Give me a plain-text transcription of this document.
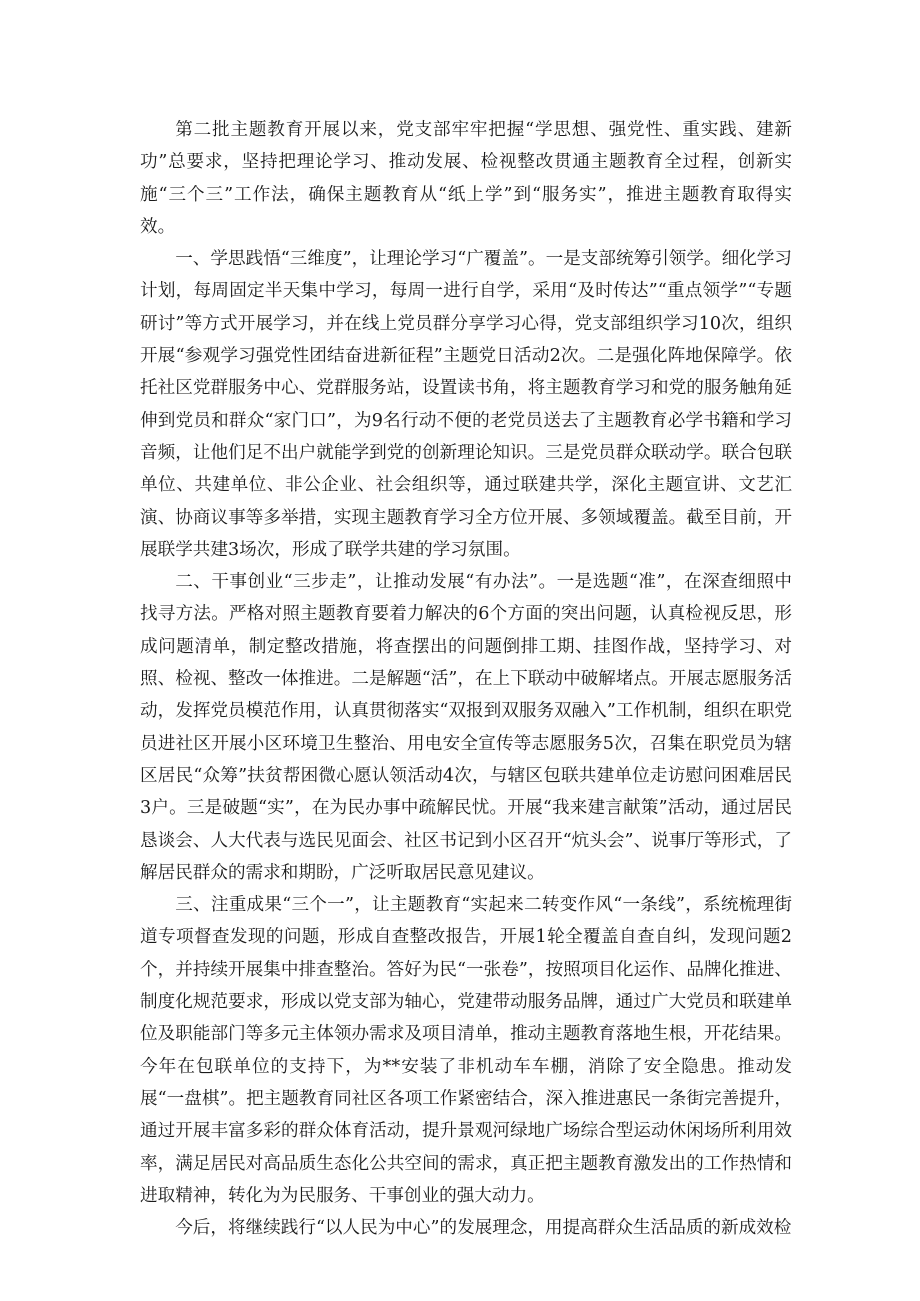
第二批主题教育开展以来，党支部牢牢把握“学思想、强党性、重实践、建新功”总要求，坚持把理论学习、推动发展、检视整改贯通主题教育全过程，创新实施“三个三”工作法，确保主题教育从“纸上学”到“服务实”，推进主题教育取得实效。

一、学思践悟“三维度”，让理论学习“广覆盖”。一是支部统筹引领学。细化学习计划，每周固定半天集中学习，每周一进行自学，采用“及时传达”“重点领学”“专题研讨”等方式开展学习，并在线上党员群分享学习心得，党支部组织学习10次，组织开展“参观学习强党性团结奋进新征程”主题党日活动2次。二是强化阵地保障学。依托社区党群服务中心、党群服务站，设置读书角，将主题教育学习和党的服务触角延伸到党员和群众“家门口”，为9名行动不便的老党员送去了主题教育必学书籍和学习音频，让他们足不出户就能学到党的创新理论知识。三是党员群众联动学。联合包联单位、共建单位、非公企业、社会组织等，通过联建共学，深化主题宣讲、文艺汇演、协商议事等多举措，实现主题教育学习全方位开展、多领域覆盖。截至目前，开展联学共建3场次，形成了联学共建的学习氛围。

二、干事创业“三步走”，让推动发展“有办法”。一是选题“准”，在深查细照中找寻方法。严格对照主题教育要着力解决的6个方面的突出问题，认真检视反思，形成问题清单，制定整改措施，将查摆出的问题倒排工期、挂图作战，坚持学习、对照、检视、整改一体推进。二是解题“活”，在上下联动中破解堵点。开展志愿服务活动，发挥党员模范作用，认真贯彻落实“双报到双服务双融入”工作机制，组织在职党员进社区开展小区环境卫生整治、用电安全宣传等志愿服务5次，召集在职党员为辖区居民“众筹”扶贫帮困微心愿认领活动4次，与辖区包联共建单位走访慰问困难居民3户。三是破题“实”，在为民办事中疏解民忧。开展“我来建言献策”活动，通过居民恳谈会、人大代表与选民见面会、社区书记到小区召开“炕头会”、说事厅等形式，了解居民群众的需求和期盼，广泛听取居民意见建议。

三、注重成果“三个一”，让主题教育“实起来二转变作风“一条线”，系统梳理街道专项督查发现的问题，形成自查整改报告，开展1轮全覆盖自查自纠，发现问题2个，并持续开展集中排查整治。答好为民“一张卷”，按照项目化运作、品牌化推进、制度化规范要求，形成以党支部为轴心，党建带动服务品牌，通过广大党员和联建单位及职能部门等多元主体领办需求及项目清单，推动主题教育落地生根，开花结果。今年在包联单位的支持下，为**安装了非机动车车棚，消除了安全隐患。推动发展“一盘棋”。把主题教育同社区各项工作紧密结合，深入推进惠民一条街完善提升，通过开展丰富多彩的群众体育活动，提升景观河绿地广场综合型运动休闲场所利用效率，满足居民对高品质生态化公共空间的需求，真正把主题教育激发出的工作热情和进取精神，转化为为民服务、干事创业的强大动力。

今后，将继续践行“以人民为中心”的发展理念，用提高群众生活品质的新成效检
